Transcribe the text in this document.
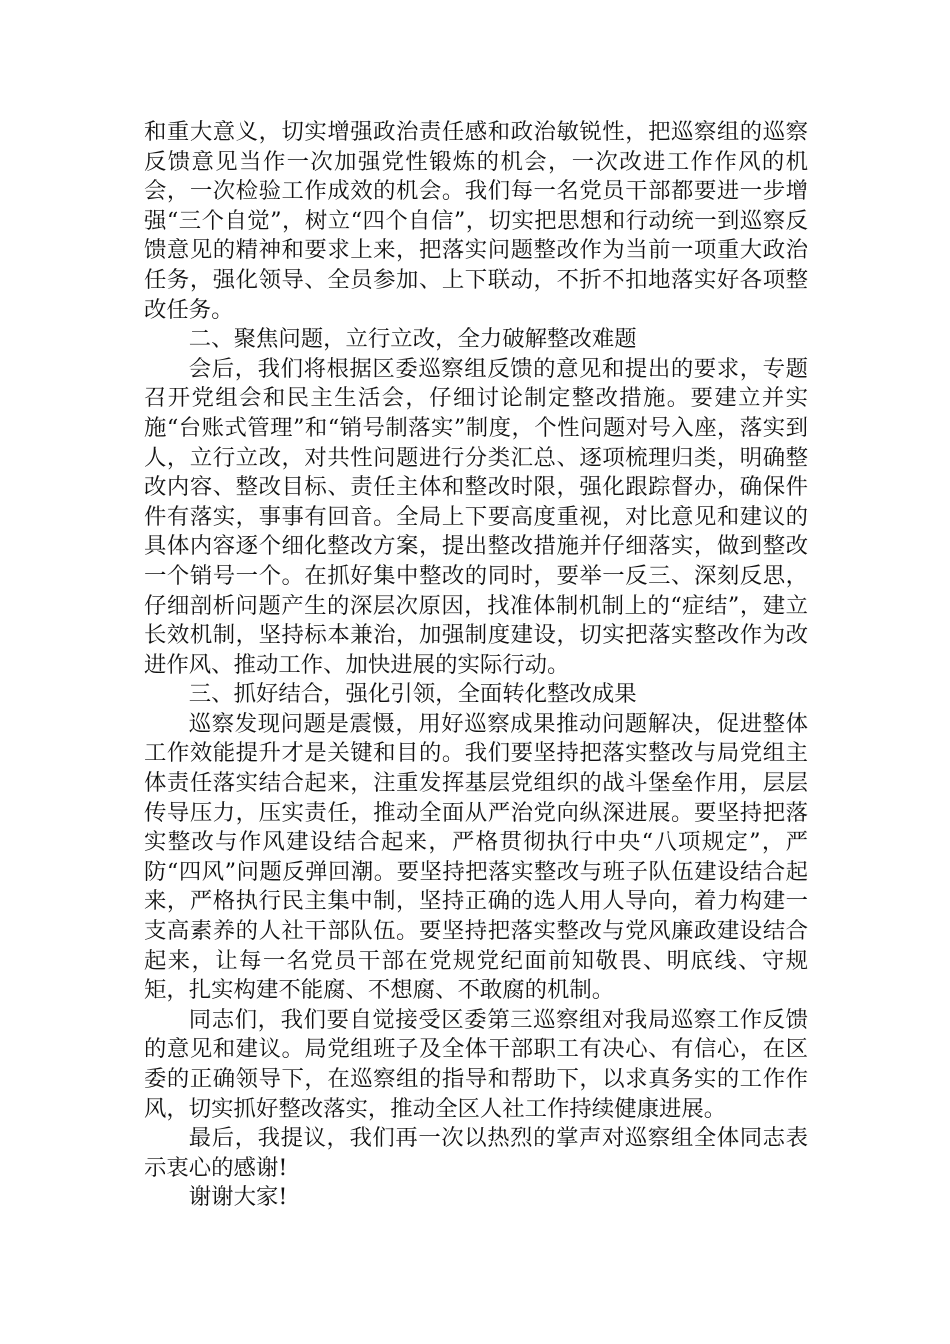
和重大意义，切实增强政治责任感和政治敏锐性，把巡察组的巡察反馈意见当作一次加强党性锻炼的机会，一次改进工作作风的机会，一次检验工作成效的机会。我们每一名党员干部都要进一步增强“三个自觉”，树立“四个自信”，切实把思想和行动统一到巡察反馈意见的精神和要求上来，把落实问题整改作为当前一项重大政治任务，强化领导、全员参加、上下联动，不折不扣地落实好各项整改任务。

二、聚焦问题，立行立改，全力破解整改难题

会后，我们将根据区委巡察组反馈的意见和提出的要求，专题召开党组会和民主生活会，仔细讨论制定整改措施。要建立并实施“台账式管理”和“销号制落实”制度，个性问题对号入座，落实到人，立行立改，对共性问题进行分类汇总、逐项梳理归类，明确整改内容、整改目标、责任主体和整改时限，强化跟踪督办，确保件件有落实，事事有回音。全局上下要高度重视，对比意见和建议的具体内容逐个细化整改方案，提出整改措施并仔细落实，做到整改一个销号一个。在抓好集中整改的同时，要举一反三、深刻反思，仔细剖析问题产生的深层次原因，找准体制机制上的“症结”，建立长效机制，坚持标本兼治，加强制度建设，切实把落实整改作为改进作风、推动工作、加快进展的实际行动。

三、抓好结合，强化引领，全面转化整改成果

巡察发现问题是震慑，用好巡察成果推动问题解决，促进整体工作效能提升才是关键和目的。我们要坚持把落实整改与局党组主体责任落实结合起来，注重发挥基层党组织的战斗堡垒作用，层层传导压力，压实责任，推动全面从严治党向纵深进展。要坚持把落实整改与作风建设结合起来，严格贯彻执行中央“八项规定”，严防“四风”问题反弹回潮。要坚持把落实整改与班子队伍建设结合起来，严格执行民主集中制，坚持正确的选人用人导向，着力构建一支高素养的人社干部队伍。要坚持把落实整改与党风廉政建设结合起来，让每一名党员干部在党规党纪面前知敬畏、明底线、守规矩，扎实构建不能腐、不想腐、不敢腐的机制。

同志们，我们要自觉接受区委第三巡察组对我局巡察工作反馈的意见和建议。局党组班子及全体干部职工有决心、有信心，在区委的正确领导下，在巡察组的指导和帮助下，以求真务实的工作作风，切实抓好整改落实，推动全区人社工作持续健康进展。

最后，我提议，我们再一次以热烈的掌声对巡察组全体同志表示衷心的感谢!

谢谢大家!
